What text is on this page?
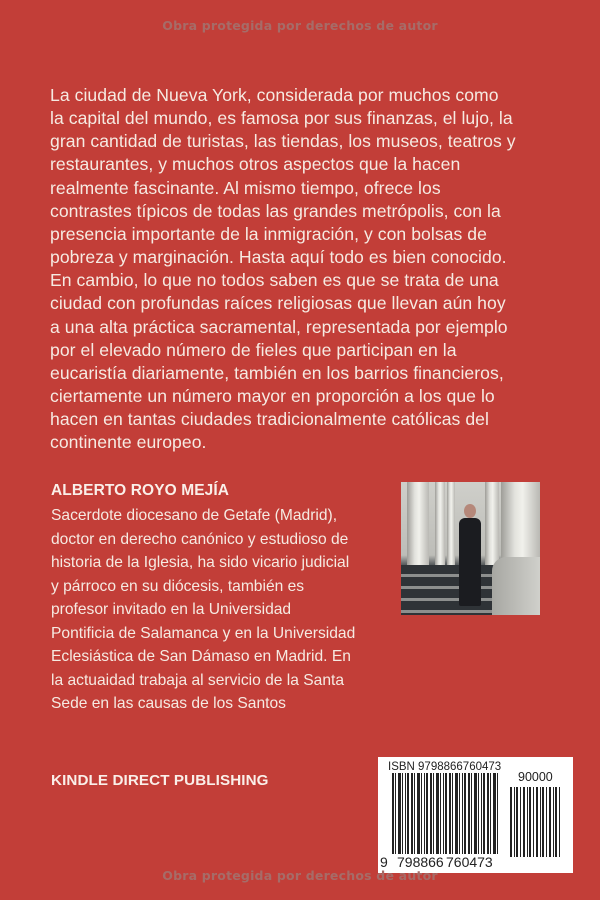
Obra protegida por derechos de autor
La ciudad de Nueva York, considerada por muchos como
la capital del mundo, es famosa por sus finanzas, el lujo, la
gran cantidad de turistas, las tiendas, los museos, teatros y
restaurantes, y muchos otros aspectos que la hacen
realmente fascinante. Al mismo tiempo, ofrece los
contrastes típicos de todas las grandes metrópolis, con la
presencia importante de la inmigración, y con bolsas de
pobreza y marginación. Hasta aquí todo es bien conocido.
En cambio, lo que no todos saben es que se trata de una
ciudad con profundas raíces religiosas que llevan aún hoy
a una alta práctica sacramental, representada por ejemplo
por el elevado número de fieles que participan en la
eucaristía diariamente, también en los barrios financieros,
ciertamente un número mayor en proporción a los que lo
hacen en tantas ciudades tradicionalmente católicas del
continente europeo.
ALBERTO ROYO MEJÍA
Sacerdote diocesano de Getafe (Madrid),
doctor en derecho canónico y estudioso de
historia de la Iglesia, ha sido vicario judicial
y párroco en su diócesis, también es
profesor invitado en la Universidad
Pontificia de Salamanca y en la Universidad
Eclesiástica de San Dámaso en Madrid. En
la actuaidad trabaja al servicio de la Santa
Sede en las causas de los Santos
KINDLE DIRECT PUBLISHING
ISBN 9798866760473
90000
9 798866 760473
Obra protegida por derechos de autor
